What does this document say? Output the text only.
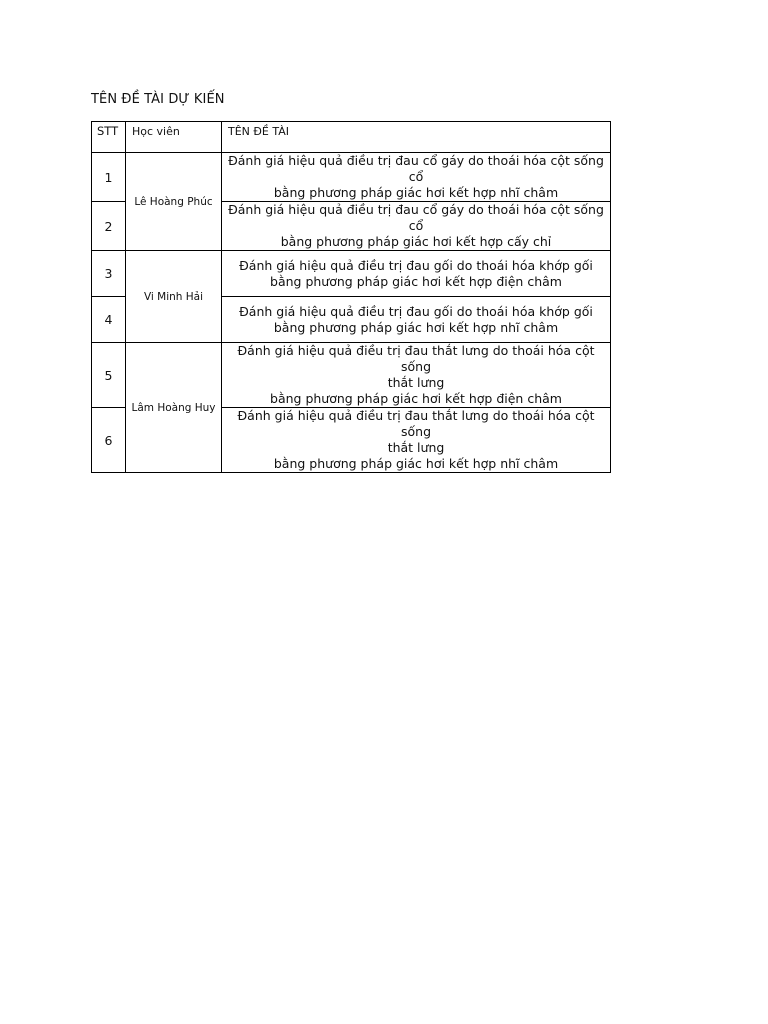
TÊN ĐỀ TÀI DỰ KIẾN
STT	Học viên	TÊN ĐỀ TÀI
1	Lê Hoàng Phúc	Đánh giá hiệu quả điều trị đau cổ gáy do thoái hóa cột sống cổ
bằng phương pháp giác hơi kết hợp nhĩ châm

2		Đánh giá hiệu quả điều trị đau cổ gáy do thoái hóa cột sống cổ
bằng phương pháp giác hơi kết hợp cấy chỉ

3	Vi Minh Hải	Đánh giá hiệu quả điều trị đau gối do thoái hóa khớp gối
bằng phương pháp giác hơi kết hợp điện châm

4		Đánh giá hiệu quả điều trị đau gối do thoái hóa khớp gối
bằng phương pháp giác hơi kết hợp nhĩ châm

5	Lâm Hoàng Huy	Đánh giá hiệu quả điều trị đau thắt lưng do thoái hóa cột sống
thắt lưng
bằng phương pháp giác hơi kết hợp điện châm

6		Đánh giá hiệu quả điều trị đau thắt lưng do thoái hóa cột sống
thắt lưng
bằng phương pháp giác hơi kết hợp nhĩ châm
